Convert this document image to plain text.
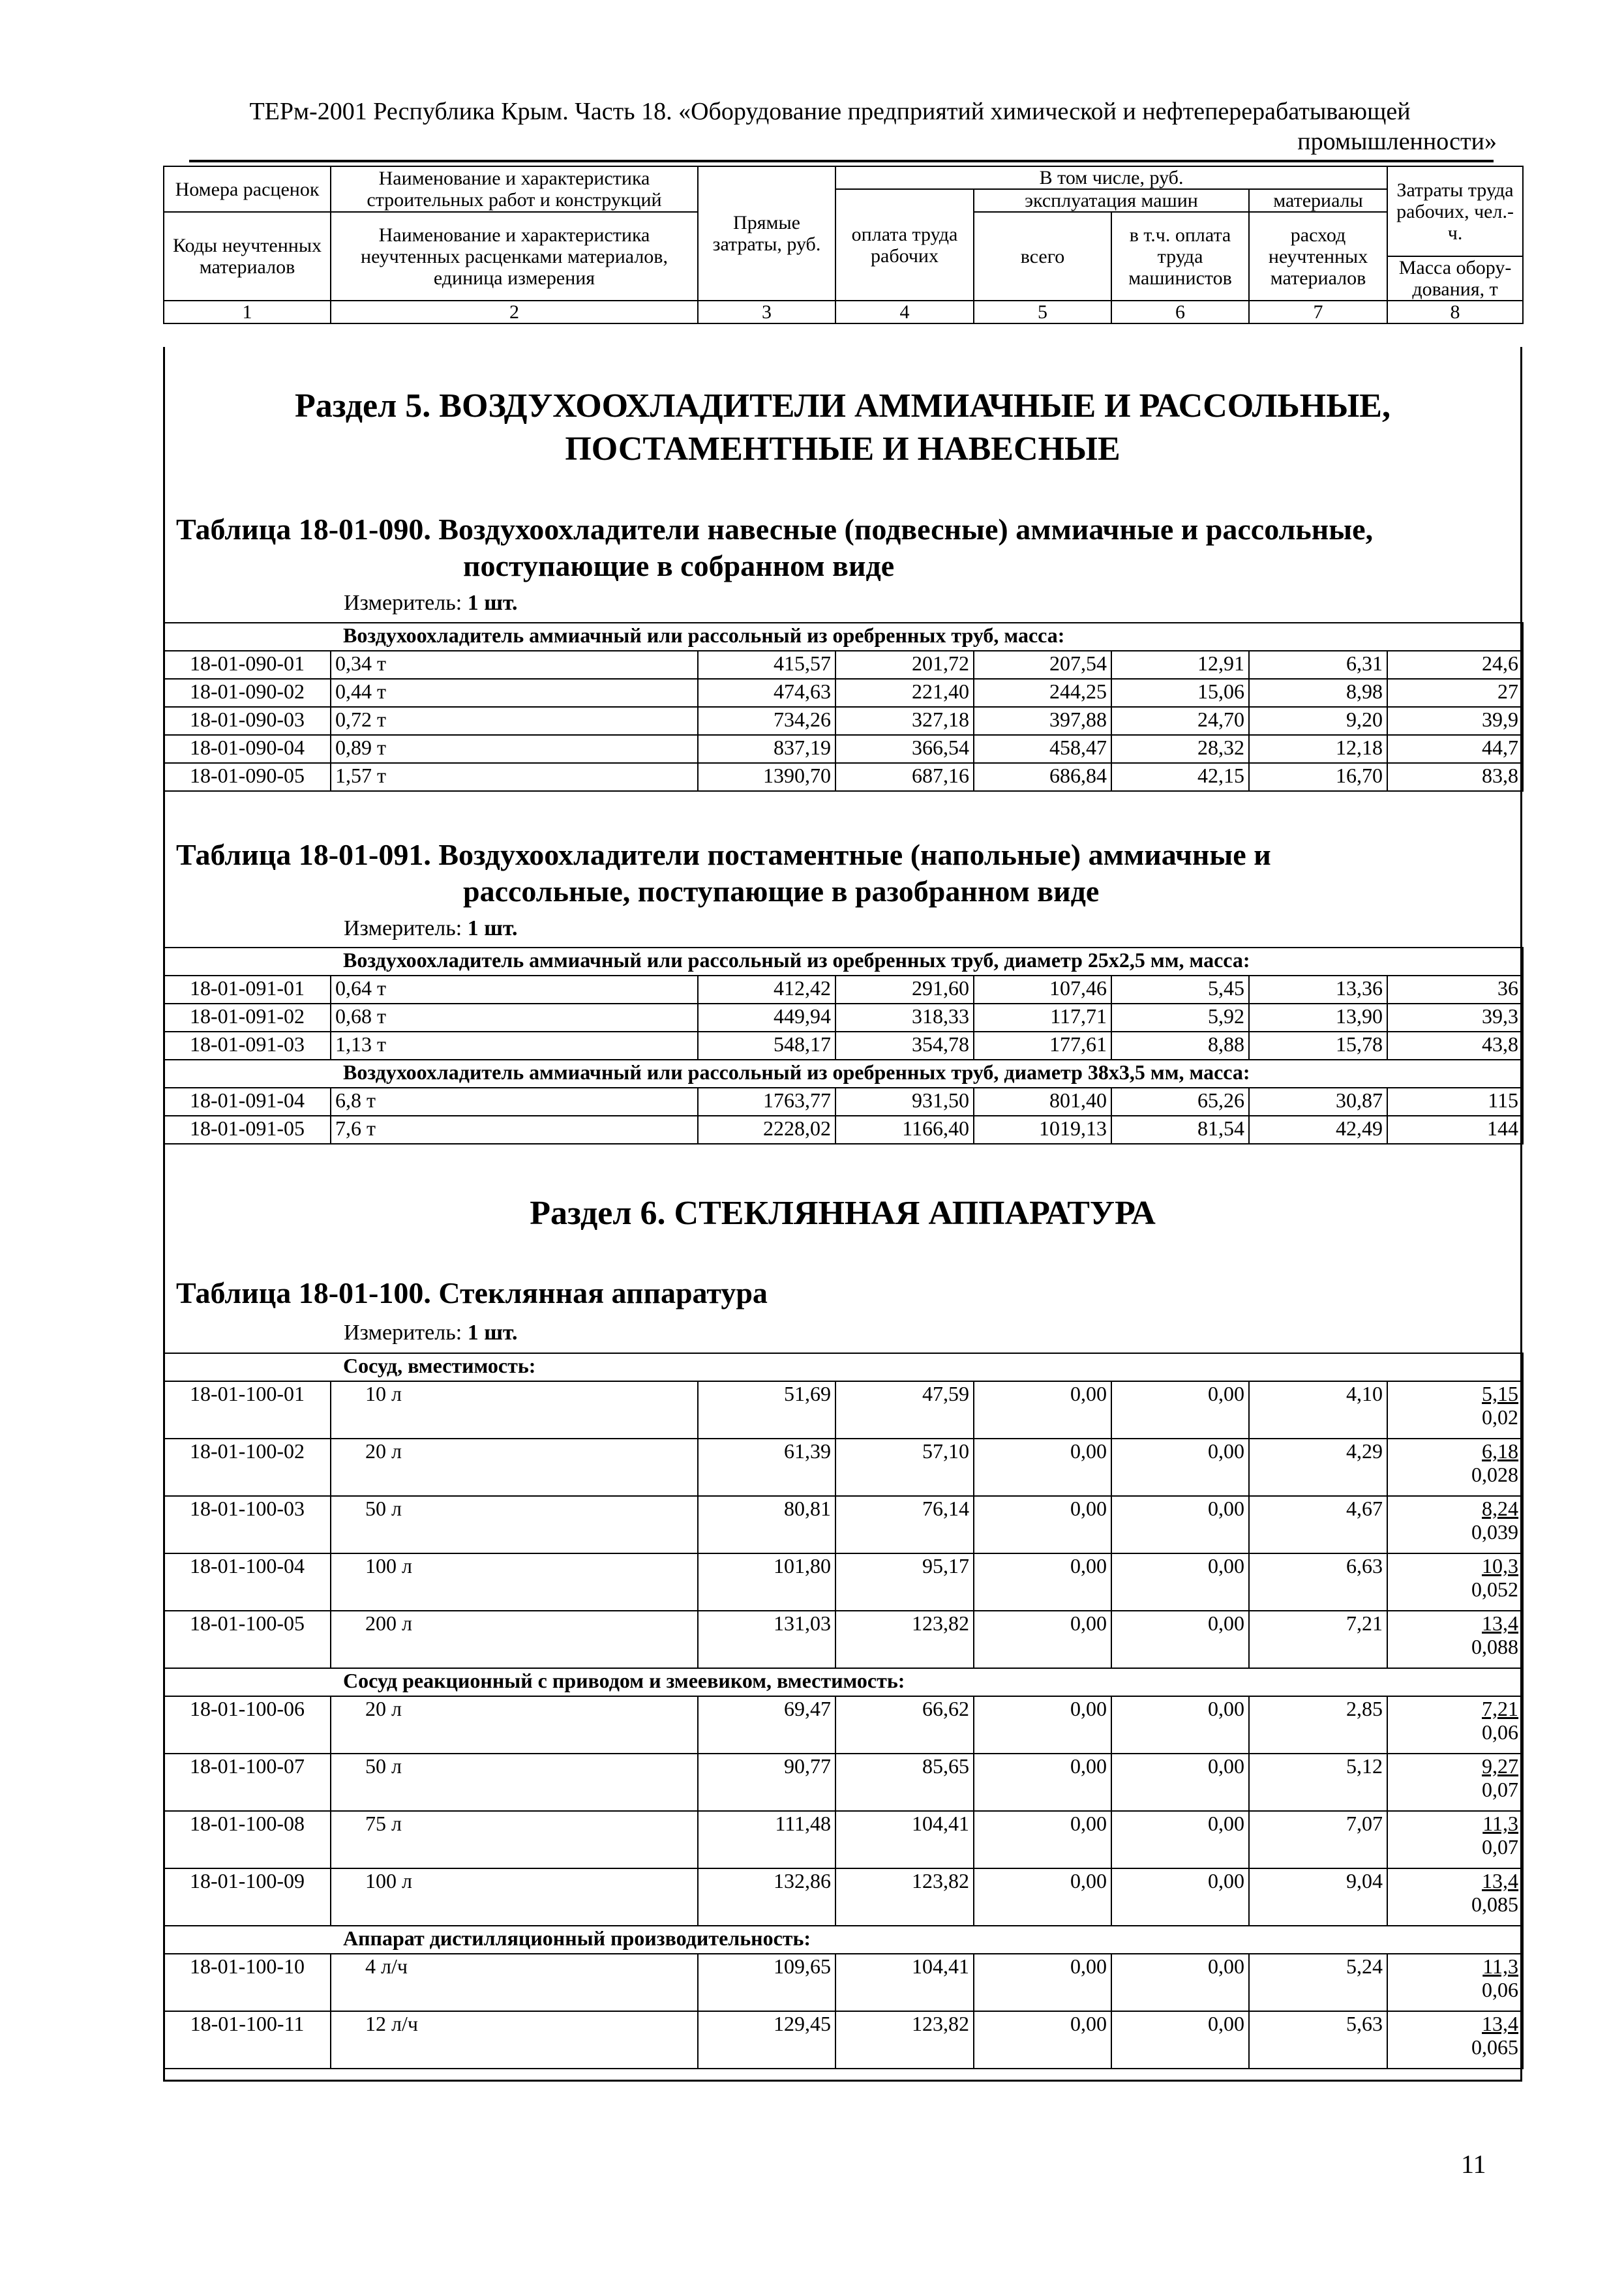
ТЕРм-2001 Республика Крым. Часть 18. «Оборудование предприятий химической и нефтеперерабатывающей
промышленности»
Номера расценок	Наименование и характеристика строительных работ и конструкций	Прямые затраты, руб.	В том числе, руб.				Затраты труда рабочих, чел.-ч.
			оплата труда рабочих	эксплуатация машин		материалы	
Коды неучтенных материалов	Наименование и характеристика неучтенных расценками материалов, единица измерения			всего	в т.ч. оплата труда машинистов	расход неучтенных материалов	
							Масса обору-дования, т
1	2	3	4	5	6	7	8
Раздел 5. ВОЗДУХООХЛАДИТЕЛИ АММИАЧНЫЕ И РАССОЛЬНЫЕ,
ПОСТАМЕНТНЫЕ И НАВЕСНЫЕ
Таблица 18-01-090. Воздухоохладители навесные (подвесные) аммиачные и рассольные,
поступающие в собранном виде
Измеритель: 1 шт.
Воздухоохладитель аммиачный или рассольный из оребренных труб, масса:							
18-01-090-01	0,34 т	415,57	201,72	207,54	12,91	6,31	24,6
18-01-090-02	0,44 т	474,63	221,40	244,25	15,06	8,98	27
18-01-090-03	0,72 т	734,26	327,18	397,88	24,70	9,20	39,9
18-01-090-04	0,89 т	837,19	366,54	458,47	28,32	12,18	44,7
18-01-090-05	1,57 т	1390,70	687,16	686,84	42,15	16,70	83,8
Таблица 18-01-091. Воздухоохладители постаментные (напольные) аммиачные и
рассольные, поступающие в разобранном виде
Измеритель: 1 шт.
Воздухоохладитель аммиачный или рассольный из оребренных труб, диаметр 25х2,5 мм, масса:							
18-01-091-01	0,64 т	412,42	291,60	107,46	5,45	13,36	36
18-01-091-02	0,68 т	449,94	318,33	117,71	5,92	13,90	39,3
18-01-091-03	1,13 т	548,17	354,78	177,61	8,88	15,78	43,8
Воздухоохладитель аммиачный или рассольный из оребренных труб, диаметр 38х3,5 мм, масса:							
18-01-091-04	6,8 т	1763,77	931,50	801,40	65,26	30,87	115
18-01-091-05	7,6 т	2228,02	1166,40	1019,13	81,54	42,49	144
Раздел 6. СТЕКЛЯННАЯ АППАРАТУРА
Таблица 18-01-100. Стеклянная аппаратура
Измеритель: 1 шт.
Сосуд, вместимость:							
18-01-100-01	10 л	51,69	47,59	0,00	0,00	4,10	5,15
0,02

18-01-100-02	20 л	61,39	57,10	0,00	0,00	4,29	6,18
0,028

18-01-100-03	50 л	80,81	76,14	0,00	0,00	4,67	8,24
0,039

18-01-100-04	100 л	101,80	95,17	0,00	0,00	6,63	10,3
0,052

18-01-100-05	200 л	131,03	123,82	0,00	0,00	7,21	13,4
0,088

Сосуд реакционный с приводом и змеевиком, вместимость:							
18-01-100-06	20 л	69,47	66,62	0,00	0,00	2,85	7,21
0,06

18-01-100-07	50 л	90,77	85,65	0,00	0,00	5,12	9,27
0,07

18-01-100-08	75 л	111,48	104,41	0,00	0,00	7,07	11,3
0,07

18-01-100-09	100 л	132,86	123,82	0,00	0,00	9,04	13,4
0,085

Аппарат дистилляционный производительность:							
18-01-100-10	4 л/ч	109,65	104,41	0,00	0,00	5,24	11,3
0,06

18-01-100-11	12 л/ч	129,45	123,82	0,00	0,00	5,63	13,4
0,065
11
